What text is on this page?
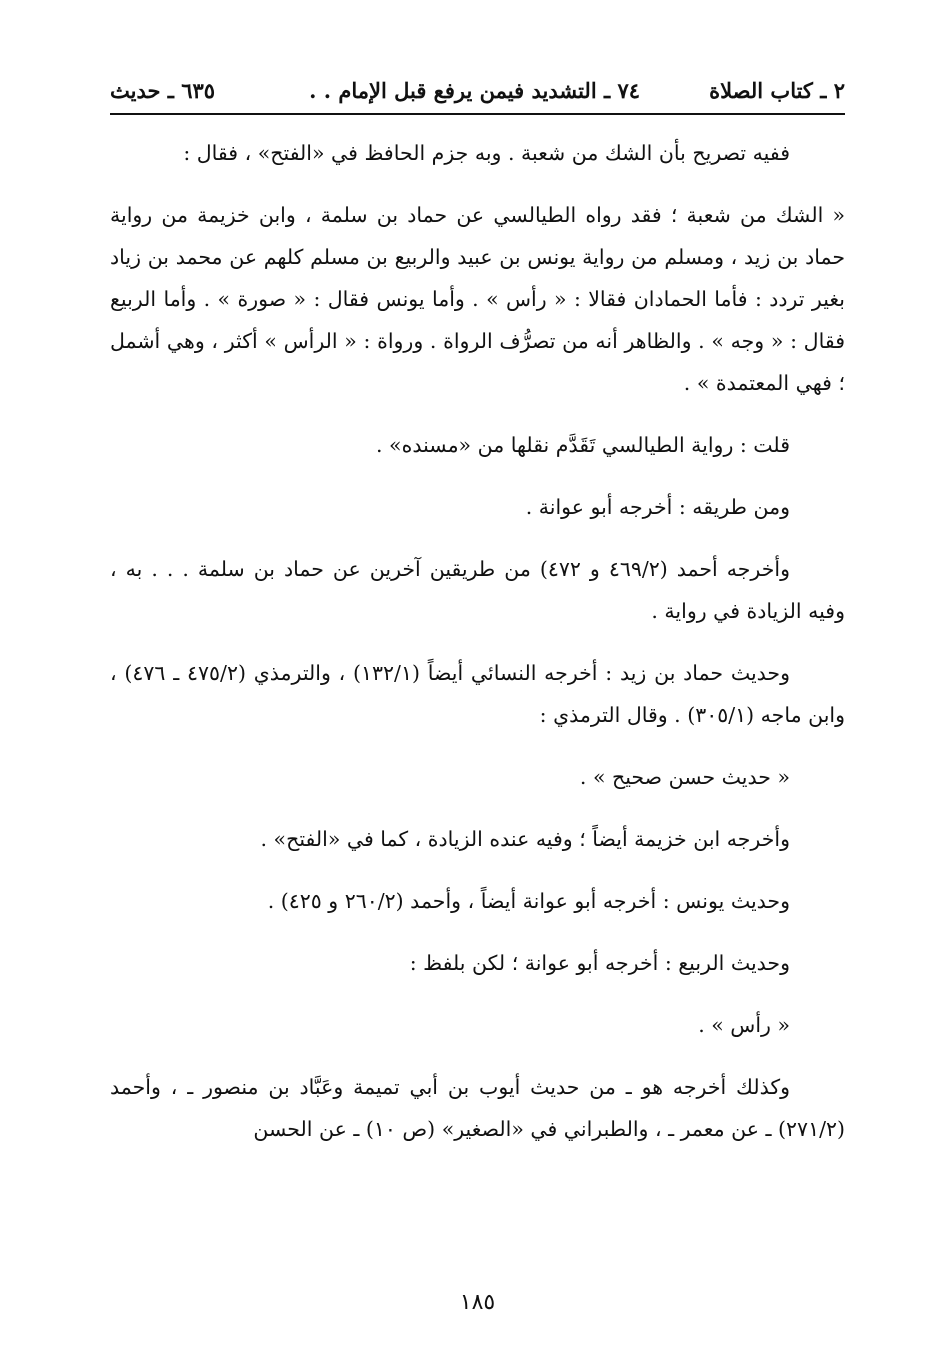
٢ ـ كتاب الصلاة
٧٤ ـ التشديد فيمن يرفع قبل الإمام . .
٦٣٥ ـ حديث

ففيه تصريح بأن الشك من شعبة . وبه جزم الحافظ في «الفتح» ، فقال :

« الشك من شعبة ؛ فقد رواه الطيالسي عن حماد بن سلمة ، وابن خزيمة من رواية حماد بن زيد ، ومسلم من رواية يونس بن عبيد والربيع بن مسلم كلهم عن محمد بن زياد بغير تردد : فأما الحمادان فقالا : « رأس » . وأما يونس فقال : « صورة » . وأما الربيع فقال : « وجه » . والظاهر أنه من تصرُّف الرواة . ورواة : « الرأس » أكثر ، وهي أشمل ؛ فهي المعتمدة » .

قلت : رواية الطيالسي تَقَدَّم نقلها من «مسنده» .

ومن طريقه : أخرجه أبو عوانة .

وأخرجه أحمد (٤٦٩/٢ و ٤٧٢) من طريقين آخرين عن حماد بن سلمة . . . به ، وفيه الزيادة في رواية .

وحديث حماد بن زيد : أخرجه النسائي أيضاً (١٣٢/١) ، والترمذي (٤٧٥/٢ ـ ٤٧٦) ، وابن ماجه (٣٠٥/١) . وقال الترمذي :

« حديث حسن صحيح » .

وأخرجه ابن خزيمة أيضاً ؛ وفيه عنده الزيادة ، كما في «الفتح» .

وحديث يونس : أخرجه أبو عوانة أيضاً ، وأحمد (٢٦٠/٢ و ٤٢٥) .

وحديث الربيع : أخرجه أبو عوانة ؛ لكن بلفظ :

« رأس » .

وكذلك أخرجه هو ـ من حديث أيوب بن أبي تميمة وعَبَّاد بن منصور ـ ، وأحمد (٢٧١/٢) ـ عن معمر ـ ، والطبراني في «الصغير» (ص ١٠) ـ عن الحسن

١٨٥
